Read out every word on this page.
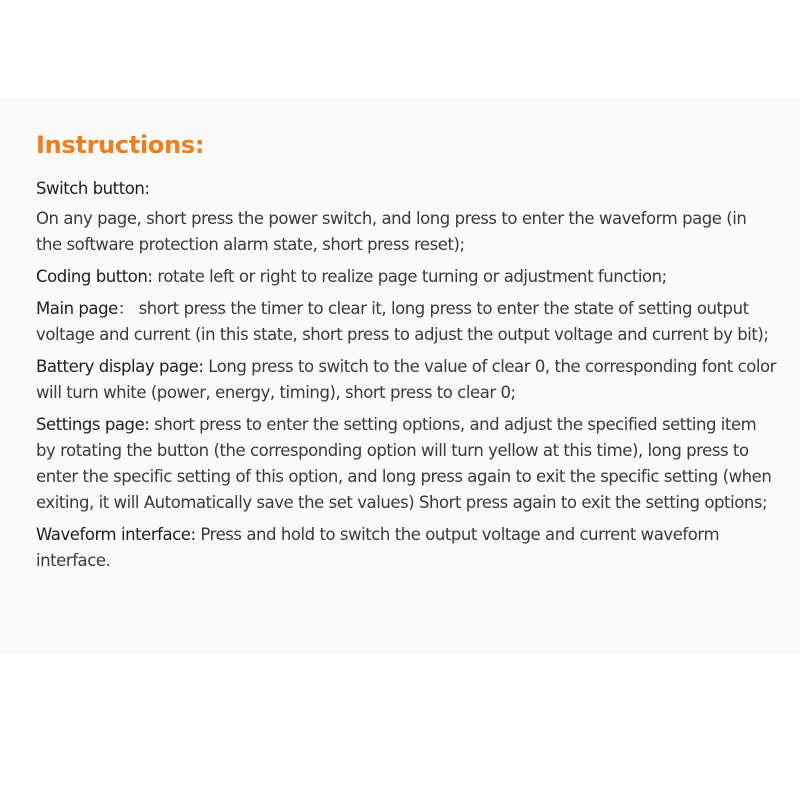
Instructions:

Switch button:

On any page, short press the power switch, and long press to enter the waveform page (in the software protection alarm state, short press reset);

Coding button: rotate left or right to realize page turning or adjustment function;

Main page： short press the timer to clear it, long press to enter the state of setting output voltage and current (in this state, short press to adjust the output voltage and current by bit);

Battery display page: Long press to switch to the value of clear 0, the corresponding font color will turn white (power, energy, timing), short press to clear 0;

Settings page: short press to enter the setting options, and adjust the specified setting item by rotating the button (the corresponding option will turn yellow at this time), long press to enter the specific setting of this option, and long press again to exit the specific setting (when exiting, it will Automatically save the set values) Short press again to exit the setting options;

Waveform interface: Press and hold to switch the output voltage and current waveform interface.
